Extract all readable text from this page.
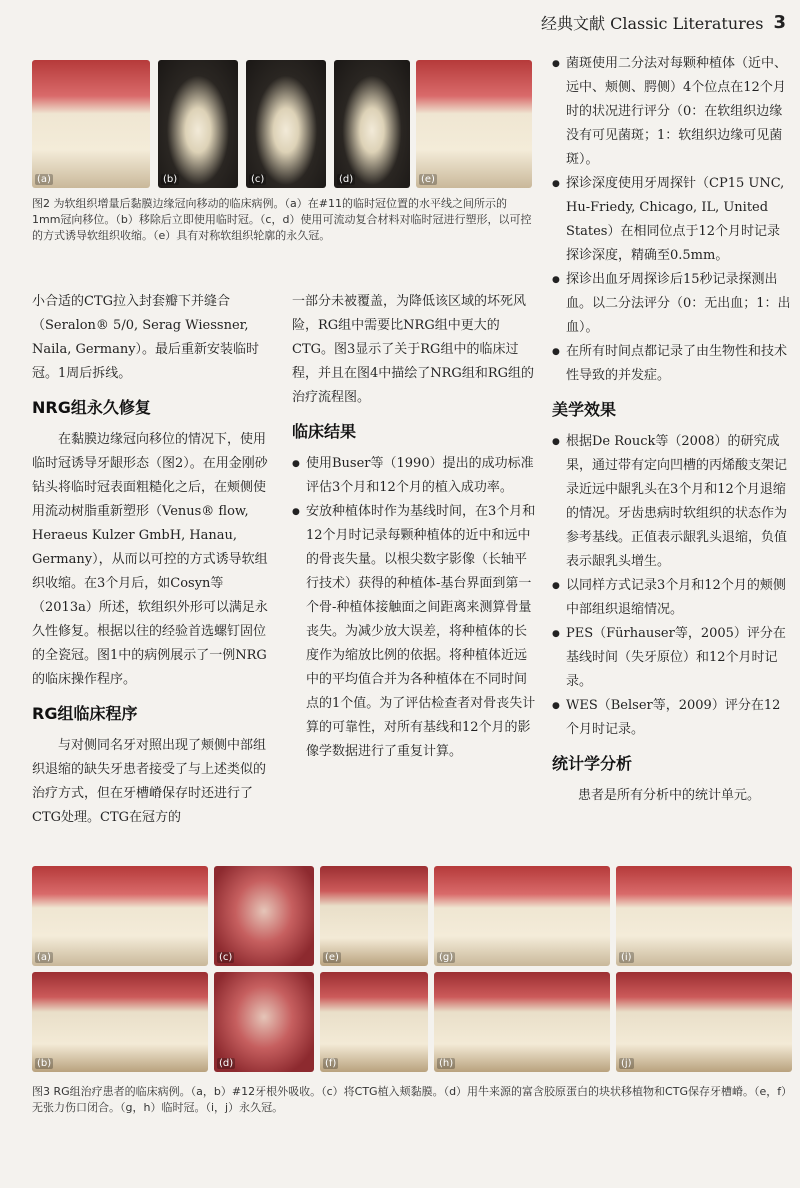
经典文献 Classic Literatures 3
(a)	(b)	(c)	(d)	(e)
图2 为软组织增量后黏膜边缘冠向移动的临床病例。（a）在#11的临时冠位置的水平线之间所示的1mm冠向移位。（b）移除后立即使用临时冠。（c，d）使用可流动复合材料对临时冠进行塑形，以可控的方式诱导软组织收缩。（e）具有对称软组织轮廓的永久冠。

小合适的CTG拉入封套瓣下并缝合（Seralon® 5/0, Serag Wiessner, Naila, Germany）。最后重新安装临时冠。1周后拆线。

NRG组永久修复

在黏膜边缘冠向移位的情况下，使用临时冠诱导牙龈形态（图2）。在用金刚砂钻头将临时冠表面粗糙化之后，在颊侧使用流动树脂重新塑形（Venus® flow, Heraeus Kulzer GmbH, Hanau, Germany），从而以可控的方式诱导软组织收缩。在3个月后，如Cosyn等（2013a）所述，软组织外形可以满足永久性修复。根据以往的经验首选螺钉固位的全瓷冠。图1中的病例展示了一例NRG的临床操作程序。

RG组临床程序

与对侧同名牙对照出现了颊侧中部组织退缩的缺失牙患者接受了与上述类似的治疗方式，但在牙槽嵴保存时还进行了CTG处理。CTG在冠方的

一部分未被覆盖，为降低该区域的坏死风险，RG组中需要比NRG组中更大的CTG。图3显示了关于RG组中的临床过程，并且在图4中描绘了NRG组和RG组的治疗流程图。

临床结果
● 使用Buser等（1990）提出的成功标准评估3个月和12个月的植入成功率。
● 安放种植体时作为基线时间，在3个月和12个月时记录每颗种植体的近中和远中的骨丧失量。以根尖数字影像（长轴平行技术）获得的种植体-基台界面到第一个骨-种植体接触面之间距离来测算骨量丧失。为减少放大误差，将种植体的长度作为缩放比例的依据。将种植体近远中的平均值合并为各种植体在不同时间点的1个值。为了评估检查者对骨丧失计算的可靠性，对所有基线和12个月的影像学数据进行了重复计算。
● 菌斑使用二分法对每颗种植体（近中、远中、颊侧、腭侧）4个位点在12个月时的状况进行评分（0：在软组织边缘没有可见菌斑；1：软组织边缘可见菌斑）。
● 探诊深度使用牙周探针（CP15 UNC, Hu-Friedy, Chicago, IL, United States）在相同位点于12个月时记录探诊深度，精确至0.5mm。
● 探诊出血牙周探诊后15秒记录探测出血。以二分法评分（0：无出血；1：出血）。
● 在所有时间点都记录了由生物性和技术性导致的并发症。
美学效果
● 根据De Rouck等（2008）的研究成果，通过带有定向凹槽的丙烯酸支架记录近远中龈乳头在3个月和12个月退缩的情况。牙齿患病时软组织的状态作为参考基线。正值表示龈乳头退缩，负值表示龈乳头增生。
● 以同样方式记录3个月和12个月的颊侧中部组织退缩情况。
● PES（Fürhauser等，2005）评分在基线时间（失牙原位）和12个月时记录。
● WES（Belser等，2009）评分在12个月时记录。
统计学分析

患者是所有分析中的统计单元。

(a)	(c)	(e)	(g)	(i)
(b)	(d)	(f)	(h)	(j)
图3 RG组治疗患者的临床病例。（a，b）#12牙根外吸收。（c）将CTG植入颊黏膜。（d）用牛来源的富含胶原蛋白的块状移植物和CTG保存牙槽嵴。（e，f）无张力伤口闭合。（g，h）临时冠。（i，j）永久冠。
